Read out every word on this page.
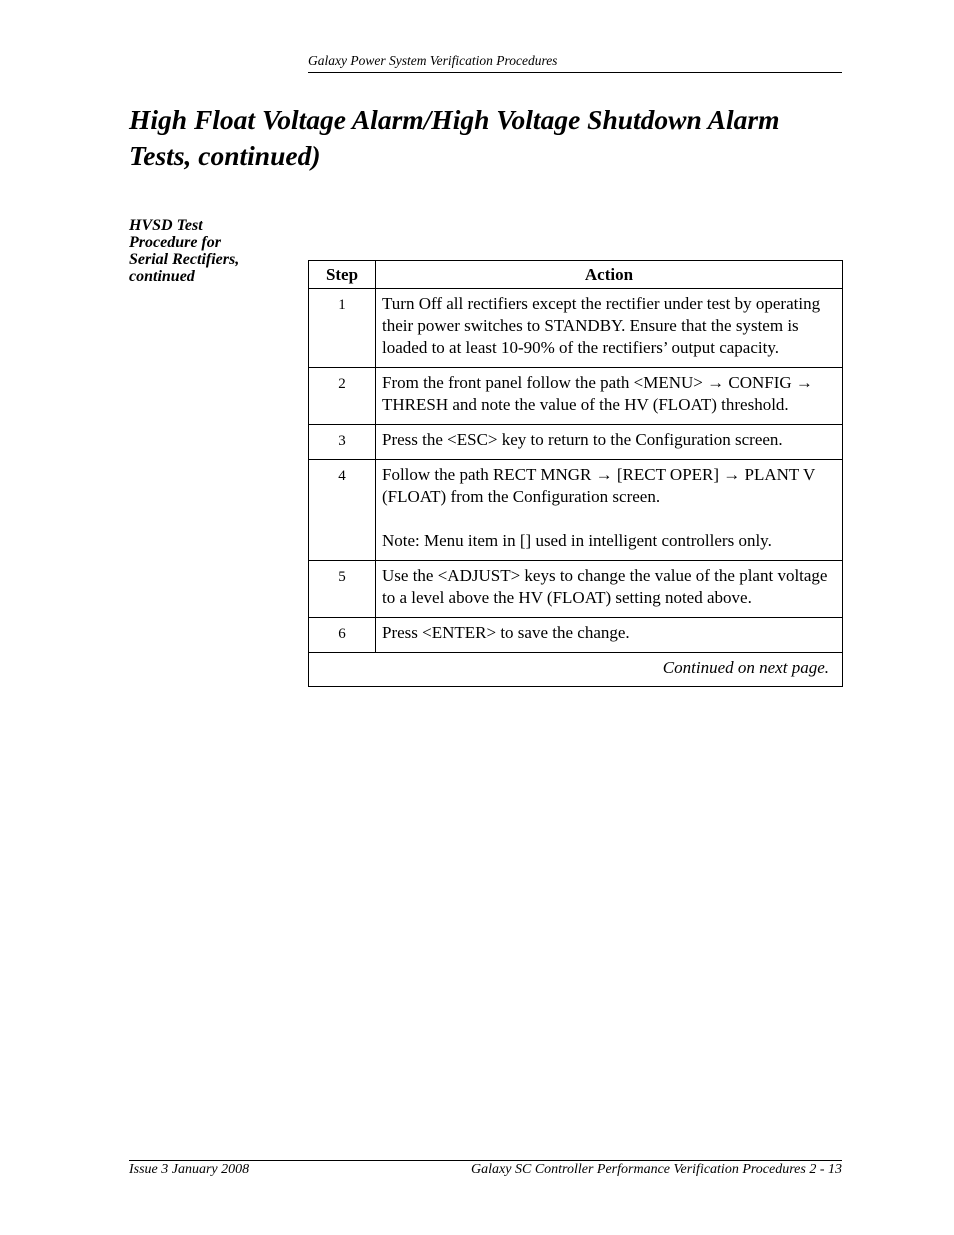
Galaxy Power System Verification Procedures
High Float Voltage Alarm/High Voltage Shutdown Alarm
Tests, continued)
HVSD Test
Procedure for
Serial Rectifiers,
continued	Step	Action
1	Turn Off all rectifiers except the rectifier under test by operating their power switches to STANDBY. Ensure that the system is loaded to at least 10-90% of the rectifiers’ output capacity.

2	From the front panel follow the path <MENU> → CONFIG → THRESH and note the value of the HV (FLOAT) threshold.

3	Press the <ESC> key to return to the Configuration screen.

4	Follow the path RECT MNGR → [RECT OPER] → PLANT V (FLOAT) from the Configuration screen.

Note: Menu item in [] used in intelligent controllers only.

5	Use the <ADJUST> keys to change the value of the plant voltage to a level above the HV (FLOAT) setting noted above.

6	Press <ENTER> to save the change.

Continued on next page.	
Issue 3 January 2008	Galaxy SC Controller Performance Verification Procedures 2 - 13
